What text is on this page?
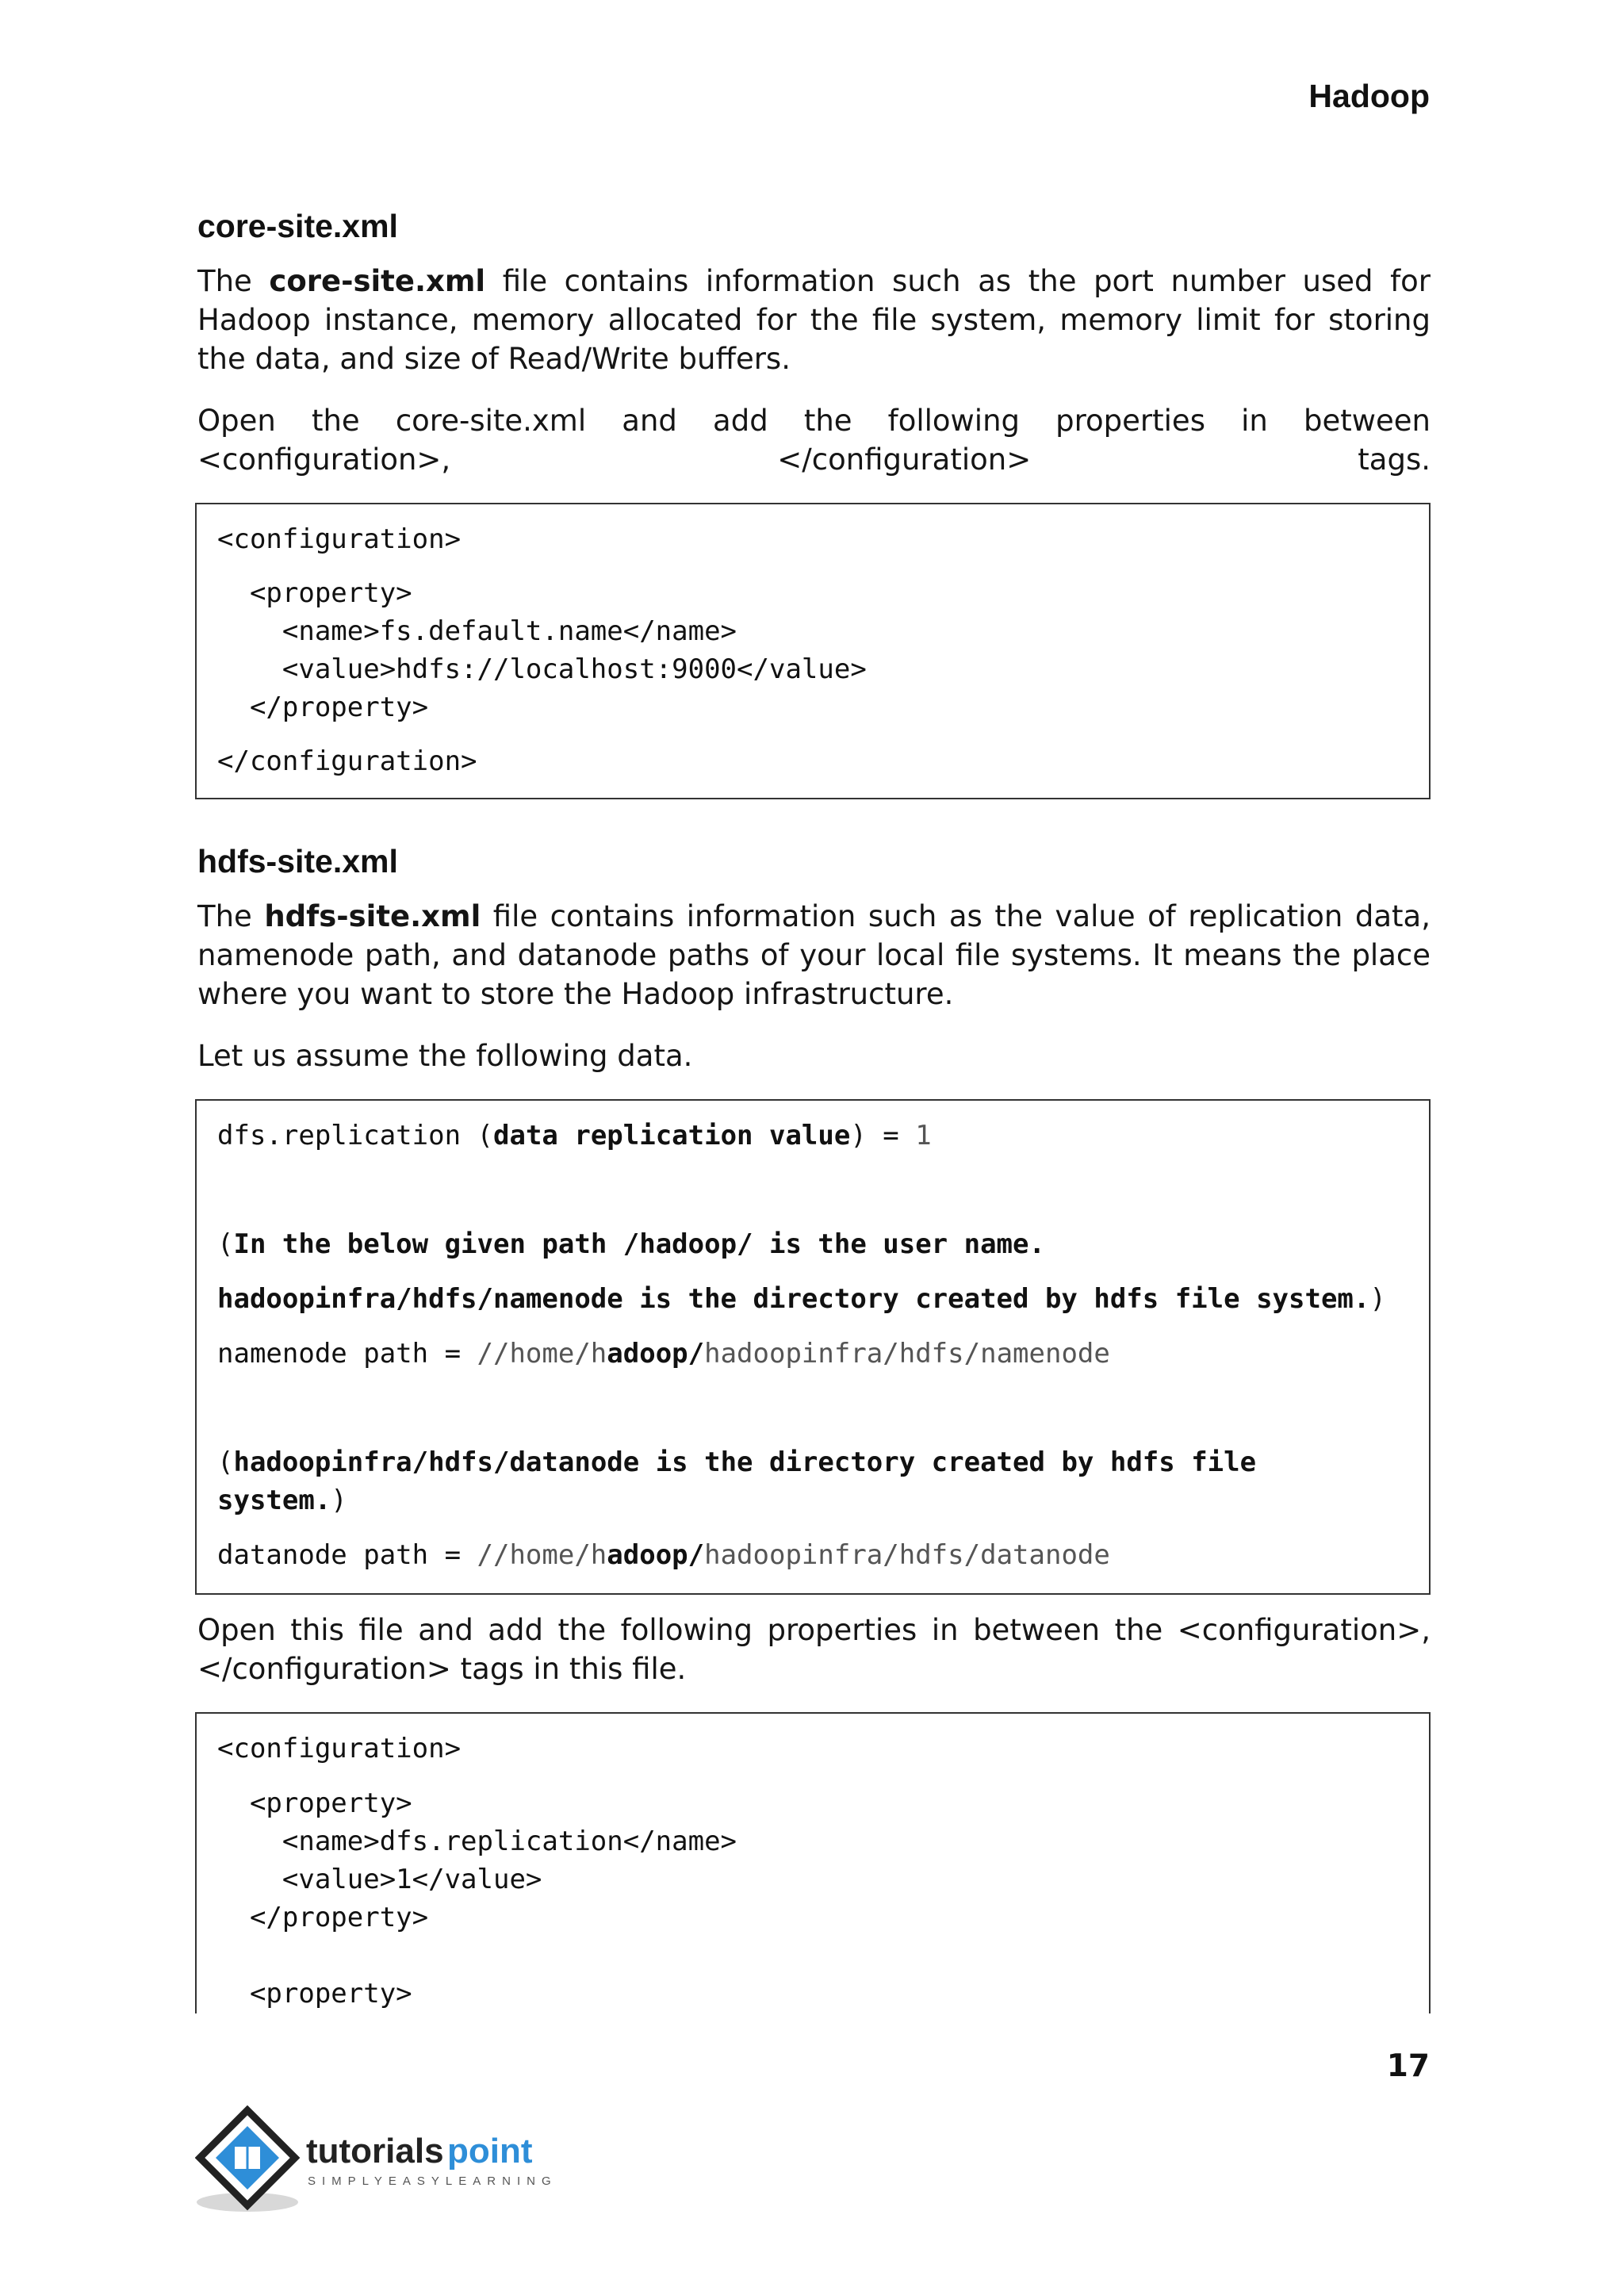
Hadoop
core-site.xml
The core-site.xml file contains information such as the port number used for Hadoop instance, memory allocated for the file system, memory limit for storing the data, and size of Read/Write buffers.
Open the core-site.xml and add the following properties in between <configuration>, </configuration> tags.
<configuration>
<property>
<name>fs.default.name</name>
<value>hdfs://localhost:9000</value>
</property>
</configuration>
hdfs-site.xml
The hdfs-site.xml file contains information such as the value of replication data, namenode path, and datanode paths of your local file systems. It means the place where you want to store the Hadoop infrastructure.
Let us assume the following data.
dfs.replication (data replication value) = 1
(In the below given path /hadoop/ is the user name.
hadoopinfra/hdfs/namenode is the directory created by hdfs file system.)
namenode path = //home/hadoop/hadoopinfra/hdfs/namenode
(hadoopinfra/hdfs/datanode is the directory created by hdfs file
system.)
datanode path = //home/hadoop/hadoopinfra/hdfs/datanode
Open this file and add the following properties in between the <configuration>, </configuration> tags in this file.
<configuration>
<property>
<name>dfs.replication</name>
<value>1</value>
</property>
<property>
17
tutorials point
SIMPLYEASYLEARNING
